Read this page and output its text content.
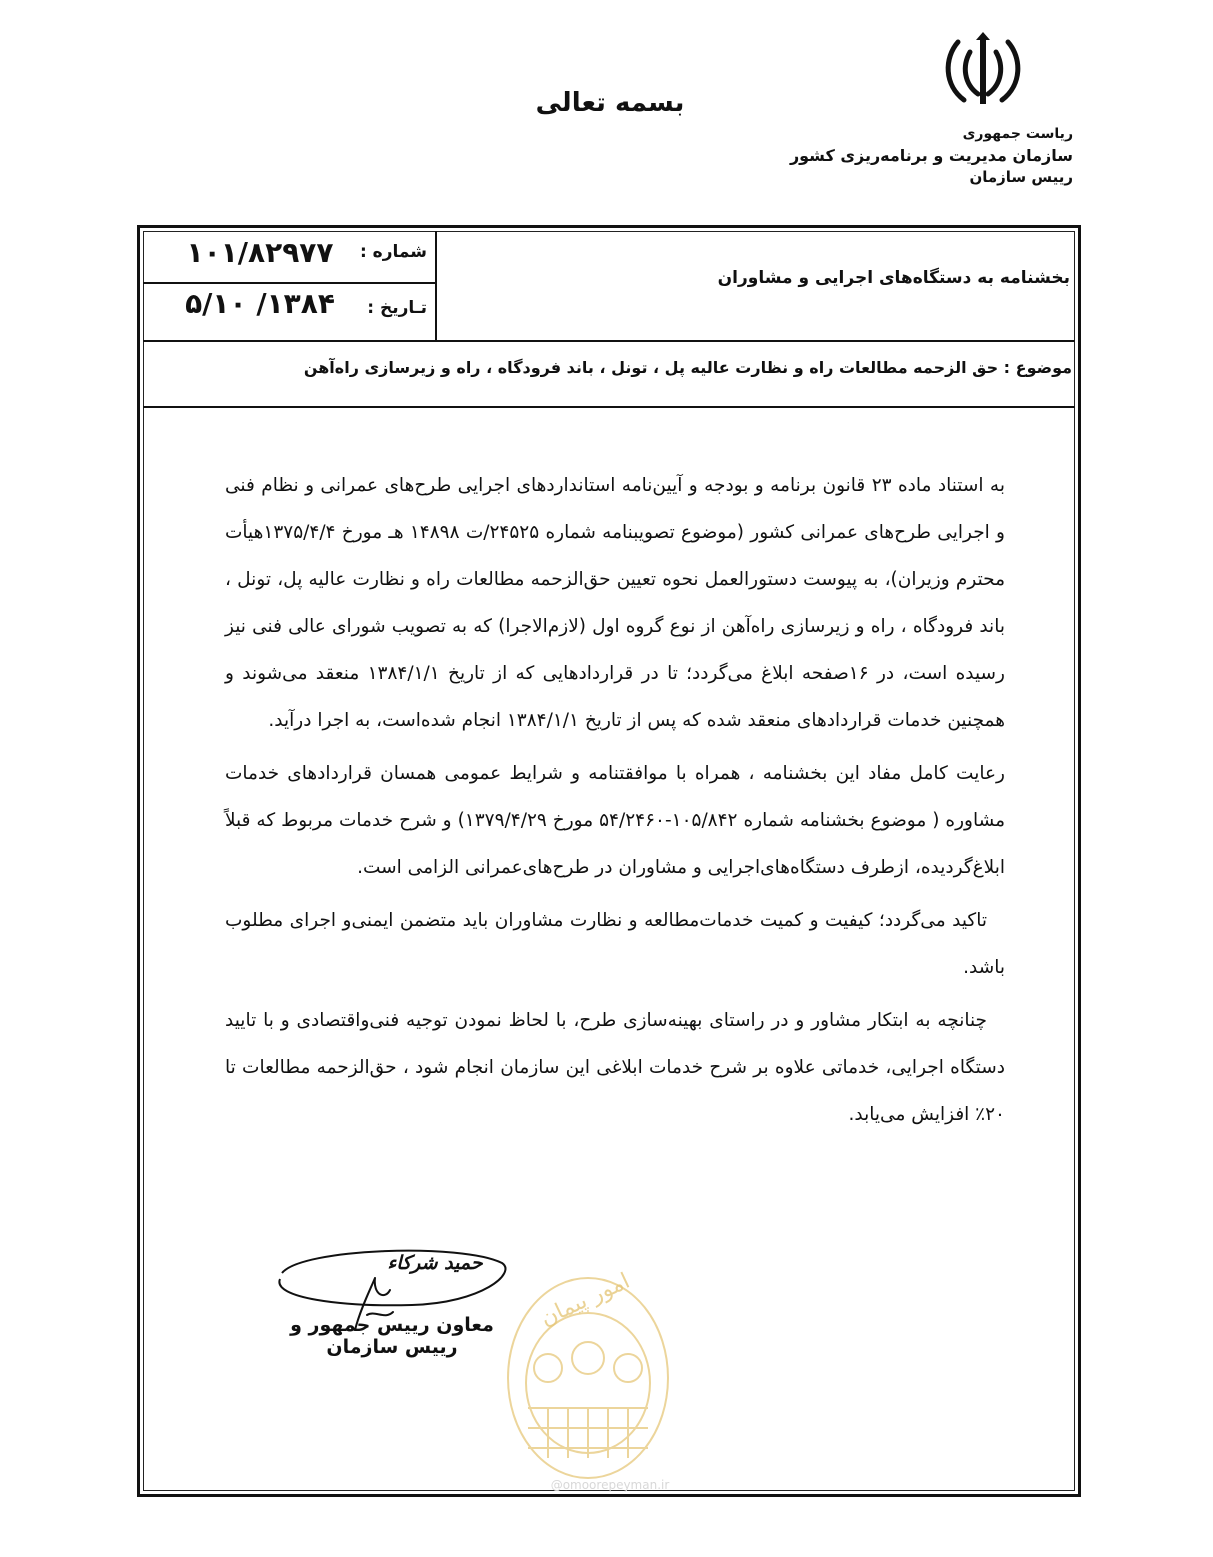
بسمه تعالی
ریاست جمهوری
سازمان مدیریت و برنامه‌ریزی کشور
رییس سازمان
شماره :
۱۰۱/۸۲۹۷۷
تـاریخ :
۱۳۸۴/ ۵/۱۰
بخشنامه به دستگاه‌های اجرایی و مشاوران
موضوع : حق الزحمه مطالعات راه و نظارت عالیه پل ، تونل ، باند فرودگاه ، راه و زیرسازی راه‌آهن

به استناد ماده ۲۳ قانون برنامه و بودجه و آیین‌نامه استانداردهای اجرایی طرح‌های عمرانی و نظام فنی و اجرایی طرح‌های عمرانی کشور (موضوع تصویبنامه شماره ۲۴۵۲۵/ت ۱۴۸۹۸ هـ مورخ ۱۳۷۵/۴/۴هیأت محترم وزیران)، به پیوست دستورالعمل نحوه تعیین حق‌الزحمه مطالعات راه و نظارت عالیه پل، تونل ، باند فرودگاه ، راه و زیرسازی راه‌آهن از نوع گروه اول (لازم‌الاجرا) که به تصویب شورای عالی فنی نیز رسیده است، در ۱۶صفحه ابلاغ می‌گردد؛ تا در قراردادهایی که از تاریخ ۱۳۸۴/۱/۱ منعقد می‌شوند و همچنین خدمات قراردادهای منعقد شده که پس از تاریخ ۱۳۸۴/۱/۱ انجام شده‌است، به اجرا درآید.

رعایت کامل مفاد این بخشنامه ، همراه با موافقتنامه و شرایط عمومی همسان قراردادهای خدمات مشاوره ( موضوع بخشنامه شماره ۱۰۵/۸۴۲-۵۴/۲۴۶۰ مورخ ۱۳۷۹/۴/۲۹) و شرح خدمات مربوط که قبلاً ابلاغ‌گردیده، ازطرف دستگاه‌های‌اجرایی و مشاوران در طرح‌های‌عمرانی الزامی است.

تاکید می‌گردد؛ کیفیت و کمیت خدمات‌مطالعه و نظارت مشاوران باید متضمن ایمنی‌و اجرای مطلوب باشد.

چنانچه به ابتکار مشاور و در راستای بهینه‌سازی طرح، با لحاظ نمودن توجیه فنی‌واقتصادی و با تایید دستگاه اجرایی، خدماتی علاوه بر شرح خدمات ابلاغی این سازمان انجام شود ، حق‌الزحمه مطالعات تا ۲۰٪ افزایش می‌یابد.

امور پیمان
حمید شرکاء
معاون رییس جمهور و رییس سازمان
@omoorepeyman.ir
